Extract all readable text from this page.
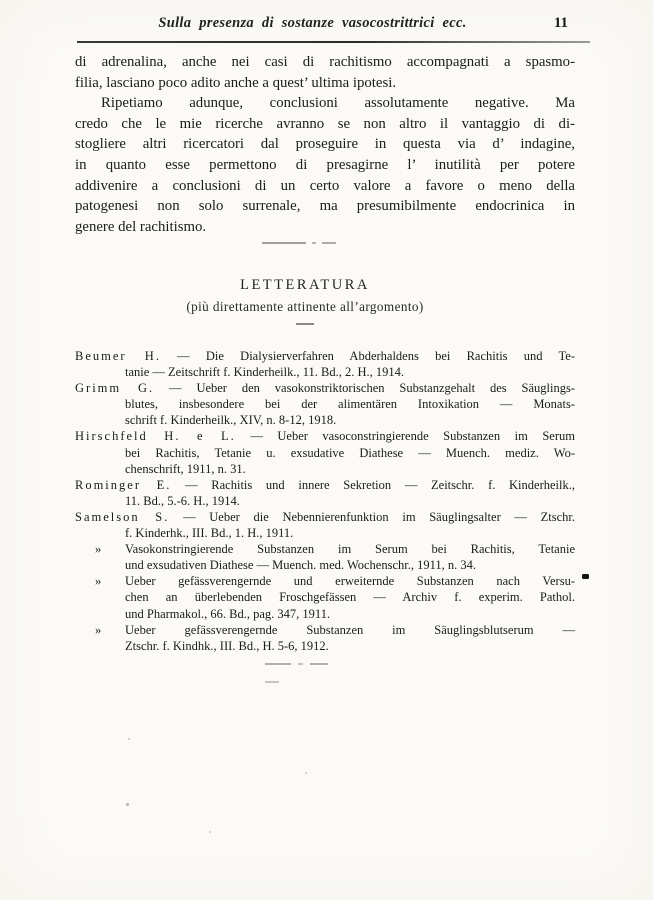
Sulla presenza di sostanze vasocostrittrici ecc.	11
di adrenalina, anche nei casi di rachitismo accompagnati a spasmo-
filia, lasciano poco adito anche a quest’ ultima ipotesi.
Ripetiamo adunque, conclusioni assolutamente negative. Ma
credo che le mie ricerche avranno se non altro il vantaggio di di-
stogliere altri ricercatori dal proseguire in questa via d’ indagine,
in quanto esse permettono di presagirne l’ inutilità per potere
addivenire a conclusioni di un certo valore a favore o meno della
patogenesi non solo surrenale, ma presumibilmente endocrinica in
genere del rachitismo.
LETTERATURA
(più direttamente attinente all’argomento)
Beumer H. — Die Dialysierverfahren Abderhaldens bei Rachitis und Te-
tanie — Zeitschrift f. Kinderheilk., 11. Bd., 2. H., 1914.
Grimm G. — Ueber den vasokonstriktorischen Substanzgehalt des Säuglings-
blutes, insbesondere bei der alimentären Intoxikation — Monats-
schrift f. Kinderheilk., XIV, n. 8-12, 1918.
Hirschfeld H. e L. — Ueber vasoconstringierende Substanzen im Serum
bei Rachitis, Tetanie u. exsudative Diathese — Muench. mediz. Wo-
chenschrift, 1911, n. 31.
Rominger E. — Rachitis und innere Sekretion — Zeitschr. f. Kinderheilk.,
11. Bd., 5.-6. H., 1914.
Samelson S. — Ueber die Nebennierenfunktion im Säuglingsalter — Ztschr.
f. Kinderhk., III. Bd., 1. H., 1911.
» Vasokonstringierende Substanzen im Serum bei Rachitis, Tetanie
und exsudativen Diathese — Muench. med. Wochenschr., 1911, n. 34.
» Ueber gefässverengernde und erweiternde Substanzen nach Versu-
chen an überlebenden Froschgefässen — Archiv f. experim. Pathol.
und Pharmakol., 66. Bd., pag. 347, 1911.
» Ueber gefässverengernde Substanzen im Säuglingsblutserum —
Ztschr. f. Kindhk., III. Bd., H. 5-6, 1912.
